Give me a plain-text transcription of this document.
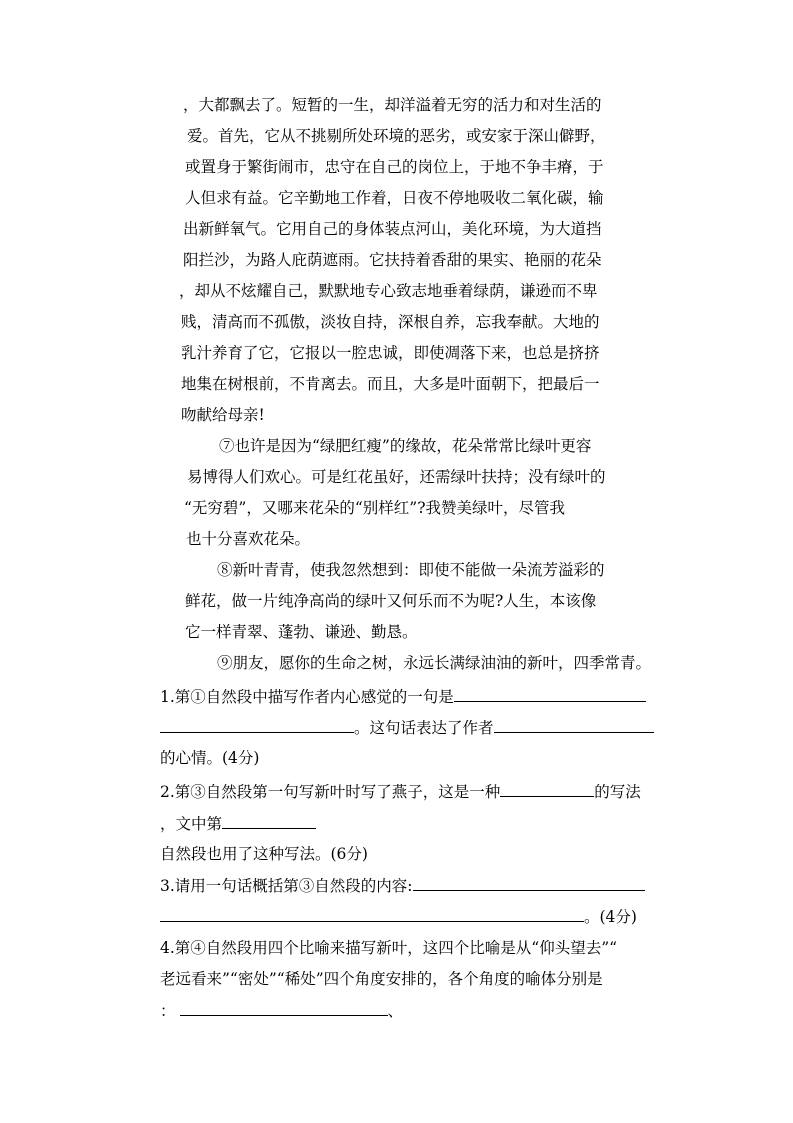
，大都飘去了。短暂的一生，却洋溢着无穷的活力和对生活的
爱。首先，它从不挑剔所处环境的恶劣，或安家于深山僻野，
或置身于繁街闹市，忠守在自己的岗位上，于地不争丰瘠，于
人但求有益。它辛勤地工作着，日夜不停地吸收二氧化碳，输
出新鲜氧气。它用自己的身体装点河山，美化环境，为大道挡
阳拦沙，为路人庇荫遮雨。它扶持着香甜的果实、艳丽的花朵
，却从不炫耀自己，默默地专心致志地垂着绿荫，谦逊而不卑
贱，清高而不孤傲，淡妆自持，深根自养，忘我奉献。大地的
乳汁养育了它，它报以一腔忠诚，即使凋落下来，也总是挤挤
地集在树根前，不肯离去。而且，大多是叶面朝下，把最后一
吻献给母亲!
⑦也许是因为“绿肥红瘦”的缘故，花朵常常比绿叶更容
易博得人们欢心。可是红花虽好，还需绿叶扶持；没有绿叶的
“无穷碧”，又哪来花朵的“别样红”?我赞美绿叶，尽管我
也十分喜欢花朵。
⑧新叶青青，使我忽然想到：即使不能做一朵流芳溢彩的
鲜花，做一片纯净高尚的绿叶又何乐而不为呢?人生，本该像
它一样青翠、蓬勃、谦逊、勤恳。
⑨朋友，愿你的生命之树，永远长满绿油油的新叶，四季常青。
1.第①自然段中描写作者内心感觉的一句是
。这句话表达了作者
的心情。(4分)
2.第③自然段第一句写新叶时写了燕子，这是一种	的写法
，文中第
自然段也用了这种写法。(6分)
3.请用一句话概括第③自然段的内容:
。(4分)
4.第④自然段用四个比喻来描写新叶，这四个比喻是从“仰头望去”“
老远看来”“密处”“稀处”四个角度安排的，各个角度的喻体分别是
：	、
